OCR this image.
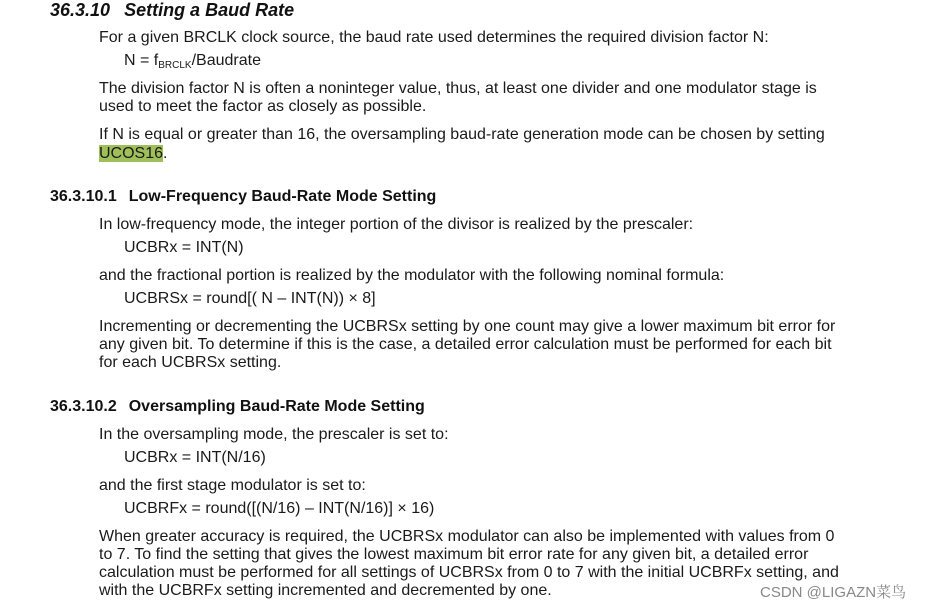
36.3.10 Setting a Baud Rate
For a given BRCLK clock source, the baud rate used determines the required division factor N:
$N = f_{BRCLK}$/Baudrate
The division factor N is often a noninteger value, thus, at least one divider and one modulator stage is
used to meet the factor as closely as possible.
If N is equal or greater than 16, the oversampling baud-rate generation mode can be chosen by setting
UCOS16.
36.3.10.1 Low-Frequency Baud-Rate Mode Setting
In low-frequency mode, the integer portion of the divisor is realized by the prescaler:
UCBRx = INT(N)
and the fractional portion is realized by the modulator with the following nominal formula:
UCBRSx = round[( N – INT(N)) × 8]
Incrementing or decrementing the UCBRSx setting by one count may give a lower maximum bit error for
any given bit. To determine if this is the case, a detailed error calculation must be performed for each bit
for each UCBRSx setting.
36.3.10.2 Oversampling Baud-Rate Mode Setting
In the oversampling mode, the prescaler is set to:
UCBRx = INT(N/16)
and the first stage modulator is set to:
UCBRFx = round([(N/16) – INT(N/16)] × 16)
When greater accuracy is required, the UCBRSx modulator can also be implemented with values from 0
to 7. To find the setting that gives the lowest maximum bit error rate for any given bit, a detailed error
calculation must be performed for all settings of UCBRSx from 0 to 7 with the initial UCBRFx setting, and
with the UCBRFx setting incremented and decremented by one.	CSDN @LIGAZN菜鸟
